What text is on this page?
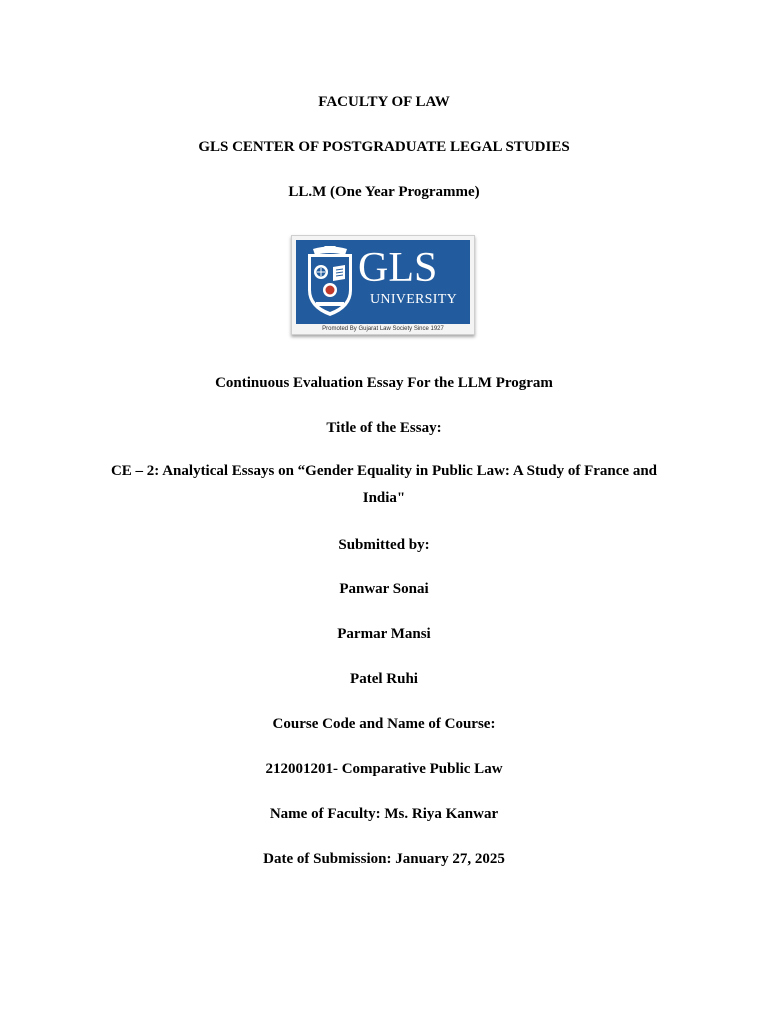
FACULTY OF LAW
GLS CENTER OF POSTGRADUATE LEGAL STUDIES
LL.M (One Year Programme)
GLS
UNIVERSITY
Promoted By Gujarat Law Society Since 1927
Continuous Evaluation Essay For the LLM Program
Title of the Essay:
CE – 2: Analytical Essays on “Gender Equality in Public Law: A Study of France and
India"
Submitted by:
Panwar Sonai
Parmar Mansi
Patel Ruhi
Course Code and Name of Course:
212001201- Comparative Public Law
Name of Faculty: Ms. Riya Kanwar
Date of Submission: January 27, 2025
